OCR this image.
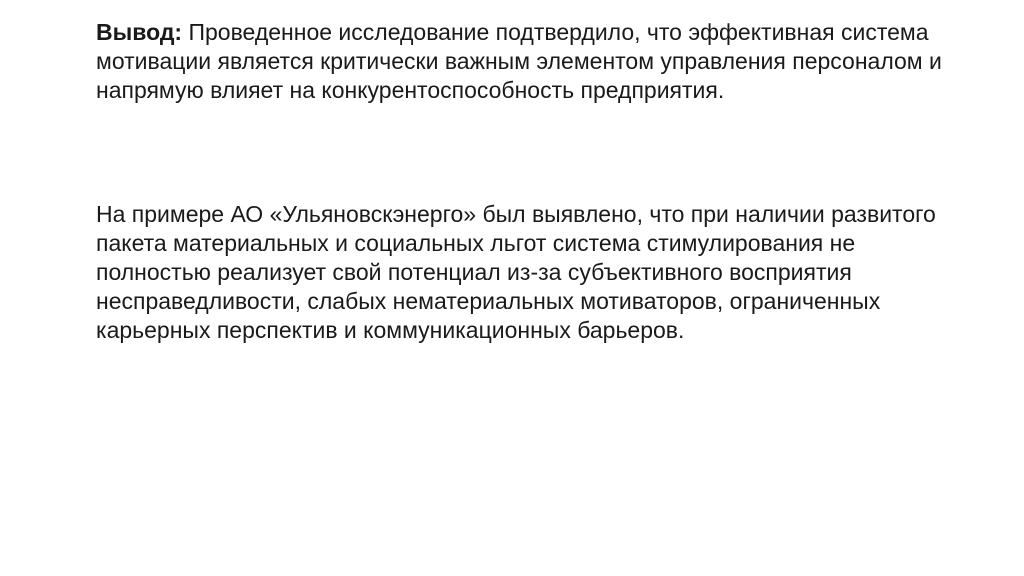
Вывод: Проведенное исследование подтвердило, что эффективная система мотивации является критически важным элементом управления персоналом и напрямую влияет на конкурентоспособность предприятия.

На примере АО «Ульяновскэнерго» был выявлено, что при наличии развитого пакета материальных и социальных льгот система стимулирования не полностью реализует свой потенциал из-за субъективного восприятия несправедливости, слабых нематериальных мотиваторов, ограниченных карьерных перспектив и коммуникационных барьеров.
